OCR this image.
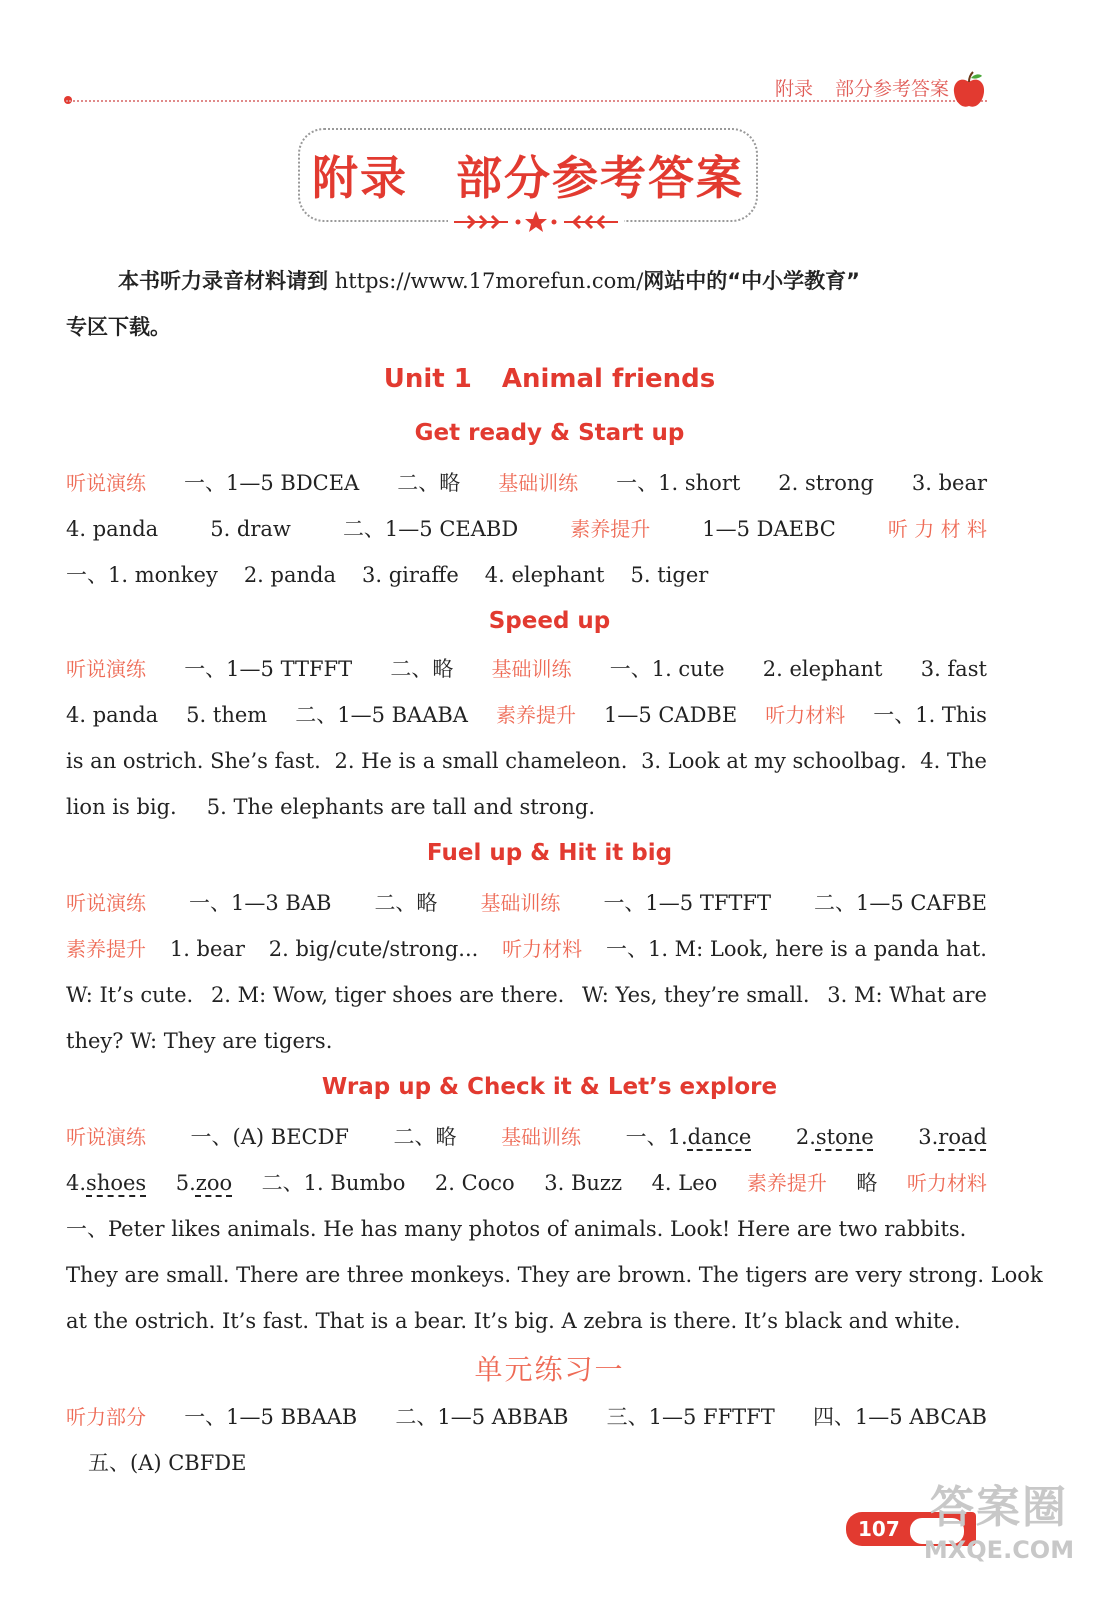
附录 部分参考答案
附录 部分参考答案
本书听力录音材料请到 https://www.17morefun.com/网站中的“中小学教育”
专区下载。
Unit 1 Animal friends
Get ready & Start up
听说演练 一、1—5 BDCEA 二、略 基础训练 一、1. short 2. strong 3. bear
4. panda 5. draw 二、1—5 CEABD	素养提升 1—5 DAEBC	听 力 材 料
一、1. monkey 2. panda 3. giraffe 4. elephant 5. tiger
Speed up
听说演练 一、1—5 TTFFT 二、略 基础训练 一、1. cute 2. elephant 3. fast
4. panda 5. them 二、1—5 BAABA 素养提升 1—5 CADBE 听力材料 一、1. This
is an ostrich. She’s fast. 2. He is a small chameleon. 3. Look at my schoolbag. 4. The
lion is big. 5. The elephants are tall and strong.
Fuel up & Hit it big
听说演练 一、1—3 BAB 二、略 基础训练 一、1—5 TFTFT 二、1—5 CAFBE
素养提升 1. bear 2. big/cute/strong... 听力材料 一、1. M: Look, here is a panda hat.
W: It’s cute. 2. M: Wow, tiger shoes are there. W: Yes, they’re small. 3. M: What are
they? W: They are tigers.
Wrap up & Check it & Let’s explore
听说演练 一、(A) BECDF 二、略 基础训练 一、1.dance 2.stone 3.road
4.shoes 5.zoo 二、1. Bumbo 2. Coco 3. Buzz 4. Leo 素养提升 略 听力材料
一、Peter likes animals. He has many photos of animals. Look! Here are two rabbits.
They are small. There are three monkeys. They are brown. The tigers are very strong. Look
at the ostrich. It’s fast. That is a bear. It’s big. A zebra is there. It’s black and white.
单元练习一
听力部分 一、1—5 BBAAB 二、1—5 ABBAB 三、1—5 FFTFT 四、1—5 ABCAB
五、(A) CBFDE
107 答案圈
MXQE.COM
